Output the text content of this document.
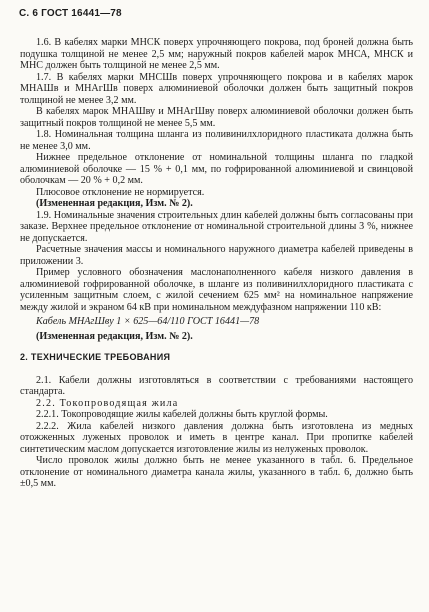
С. 6 ГОСТ 16441—78

1.6. В кабелях марки МНСК поверх упрочняющего покрова, под броней должна быть подушка толщиной не менее 2,5 мм; наружный покров кабелей марок МНСА, МНСК и МНС должен быть толщиной не менее 2,5 мм.

1.7. В кабелях марки МНСШв поверх упрочняющего покрова и в кабелях марок МНАШв и МНАгШв поверх алюминиевой оболочки должен быть защитный покров толщиной не менее 3,2 мм.

В кабелях марок МНАШву и МНАгШву поверх алюминиевой оболочки должен быть защитный покров толщиной не менее 5,5 мм.

1.8. Номинальная толщина шланга из поливинилхлоридного пластиката должна быть не менее 3,0 мм.

Нижнее предельное отклонение от номинальной толщины шланга по гладкой алюминиевой оболочке — 15 % + 0,1 мм, по гофрированной алюминиевой и свинцовой оболочкам — 20 % + 0,2 мм.

Плюсовое отклонение не нормируется.

(Измененная редакция, Изм. № 2).

1.9. Номинальные значения строительных длин кабелей должны быть согласованы при заказе. Верхнее предельное отклонение от номинальной строительной длины 3 %, нижнее не допускается.

Расчетные значения массы и номинального наружного диаметра кабелей приведены в приложении 3.

Пример условного обозначения маслонаполненного кабеля низкого давления в алюминиевой гофрированной оболочке, в шланге из поливинилхлоридного пластиката с усиленным защитным слоем, с жилой сечением 625 мм² на номинальное напряжение между жилой и экраном 64 кВ при номинальном междуфазном напряжении 110 кВ:

Кабель МНАгШву 1 × 625—64/110 ГОСТ 16441—78

(Измененная редакция, Изм. № 2).

2. ТЕХНИЧЕСКИЕ ТРЕБОВАНИЯ

2.1. Кабели должны изготовляться в соответствии с требованиями настоящего стандарта.

2.2. Токопроводящая жила

2.2.1. Токопроводящие жилы кабелей должны быть круглой формы.

2.2.2. Жила кабелей низкого давления должна быть изготовлена из медных отожженных луженых проволок и иметь в центре канал. При пропитке кабелей синтетическим маслом допускается изготовление жилы из нелуженых проволок.

Число проволок жилы должно быть не менее указанного в табл. 6. Предельное отклонение от номинального диаметра канала жилы, указанного в табл. 6, должно быть ±0,5 мм.
